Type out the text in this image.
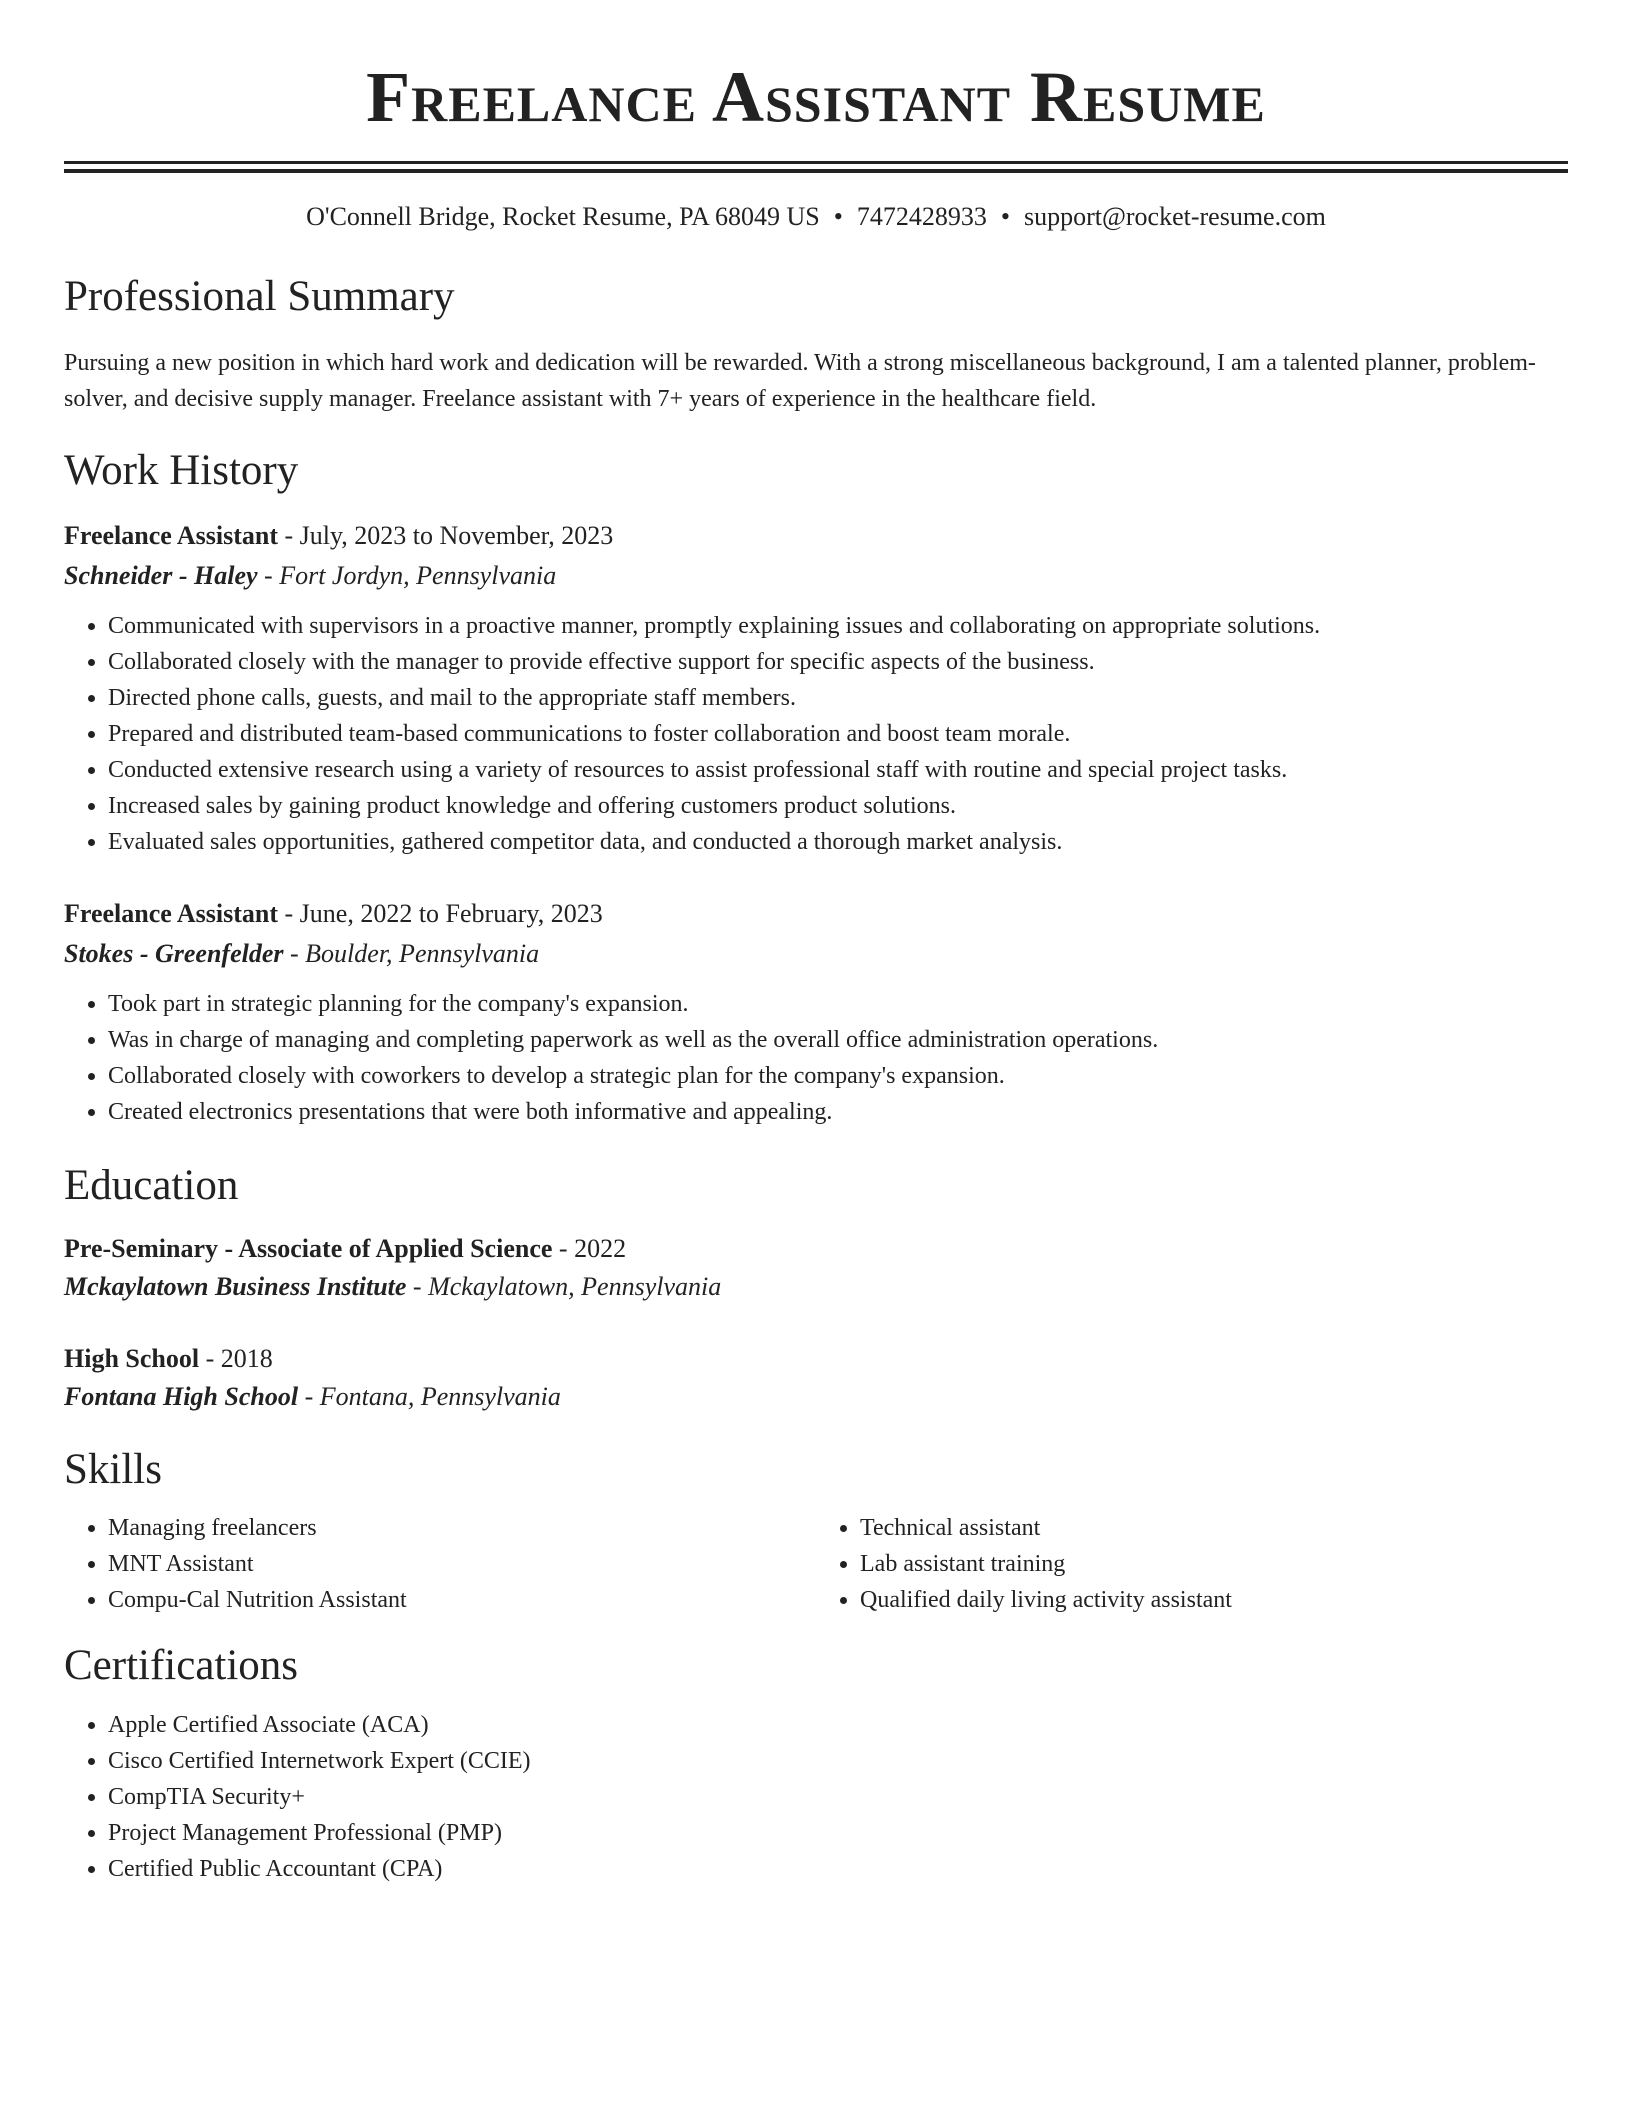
Freelance Assistant Resume
O'Connell Bridge, Rocket Resume, PA 68049 US • 7472428933 • support@rocket-resume.com
Professional Summary
Pursuing a new position in which hard work and dedication will be rewarded. With a strong miscellaneous background, I am a talented planner, problem-solver, and decisive supply manager. Freelance assistant with 7+ years of experience in the healthcare field.
Work History
Freelance Assistant - July, 2023 to November, 2023
Schneider - Haley - Fort Jordyn, Pennsylvania
• Communicated with supervisors in a proactive manner, promptly explaining issues and collaborating on appropriate solutions.
• Collaborated closely with the manager to provide effective support for specific aspects of the business.
• Directed phone calls, guests, and mail to the appropriate staff members.
• Prepared and distributed team-based communications to foster collaboration and boost team morale.
• Conducted extensive research using a variety of resources to assist professional staff with routine and special project tasks.
• Increased sales by gaining product knowledge and offering customers product solutions.
• Evaluated sales opportunities, gathered competitor data, and conducted a thorough market analysis.
Freelance Assistant - June, 2022 to February, 2023
Stokes - Greenfelder - Boulder, Pennsylvania
• Took part in strategic planning for the company's expansion.
• Was in charge of managing and completing paperwork as well as the overall office administration operations.
• Collaborated closely with coworkers to develop a strategic plan for the company's expansion.
• Created electronics presentations that were both informative and appealing.
Education
Pre-Seminary - Associate of Applied Science - 2022
Mckaylatown Business Institute - Mckaylatown, Pennsylvania
High School - 2018
Fontana High School - Fontana, Pennsylvania
Skills
• Managing freelancers
• MNT Assistant
• Compu-Cal Nutrition Assistant
• Technical assistant
• Lab assistant training
• Qualified daily living activity assistant
Certifications
• Apple Certified Associate (ACA)
• Cisco Certified Internetwork Expert (CCIE)
• CompTIA Security+
• Project Management Professional (PMP)
• Certified Public Accountant (CPA)
